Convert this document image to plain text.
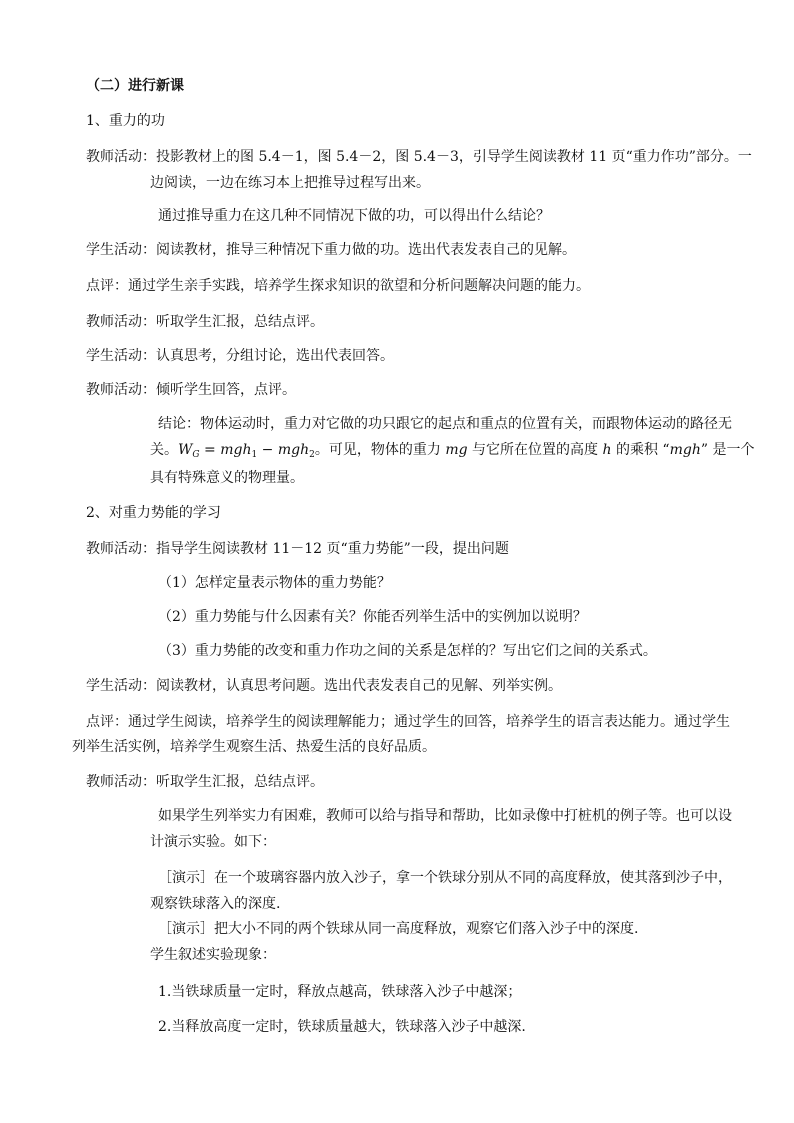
（二）进行新课
1、重力的功
教师活动：投影教材上的图 5.4－1，图 5.4－2，图 5.4－3，引导学生阅读教材 11 页“重力作功”部分。一
边阅读，一边在练习本上把推导过程写出来。
通过推导重力在这几种不同情况下做的功，可以得出什么结论？
学生活动：阅读教材，推导三种情况下重力做的功。选出代表发表自己的见解。
点评：通过学生亲手实践，培养学生探求知识的欲望和分析问题解决问题的能力。
教师活动：听取学生汇报，总结点评。
学生活动：认真思考，分组讨论，选出代表回答。
教师活动：倾听学生回答，点评。
结论：物体运动时，重力对它做的功只跟它的起点和重点的位置有关，而跟物体运动的路径无
关。$W_G = mgh_1 - mgh_2$。可见，物体的重力 mg 与它所在位置的高度 h 的乘积 “mgh” 是一个
具有特殊意义的物理量。
2、对重力势能的学习
教师活动：指导学生阅读教材 11－12 页“重力势能”一段，提出问题
（1）怎样定量表示物体的重力势能？
（2）重力势能与什么因素有关？你能否列举生活中的实例加以说明？
（3）重力势能的改变和重力作功之间的关系是怎样的？写出它们之间的关系式。
学生活动：阅读教材，认真思考问题。选出代表发表自己的见解、列举实例。
点评：通过学生阅读，培养学生的阅读理解能力；通过学生的回答，培养学生的语言表达能力。通过学生
列举生活实例，培养学生观察生活、热爱生活的良好品质。
教师活动：听取学生汇报，总结点评。
如果学生列举实力有困难，教师可以给与指导和帮助，比如录像中打桩机的例子等。也可以设
计演示实验。如下：
［演示］在一个玻璃容器内放入沙子，拿一个铁球分别从不同的高度释放，使其落到沙子中，
观察铁球落入的深度.
［演示］把大小不同的两个铁球从同一高度释放，观察它们落入沙子中的深度.
学生叙述实验现象：
1.当铁球质量一定时，释放点越高，铁球落入沙子中越深；
2.当释放高度一定时，铁球质量越大，铁球落入沙子中越深.
